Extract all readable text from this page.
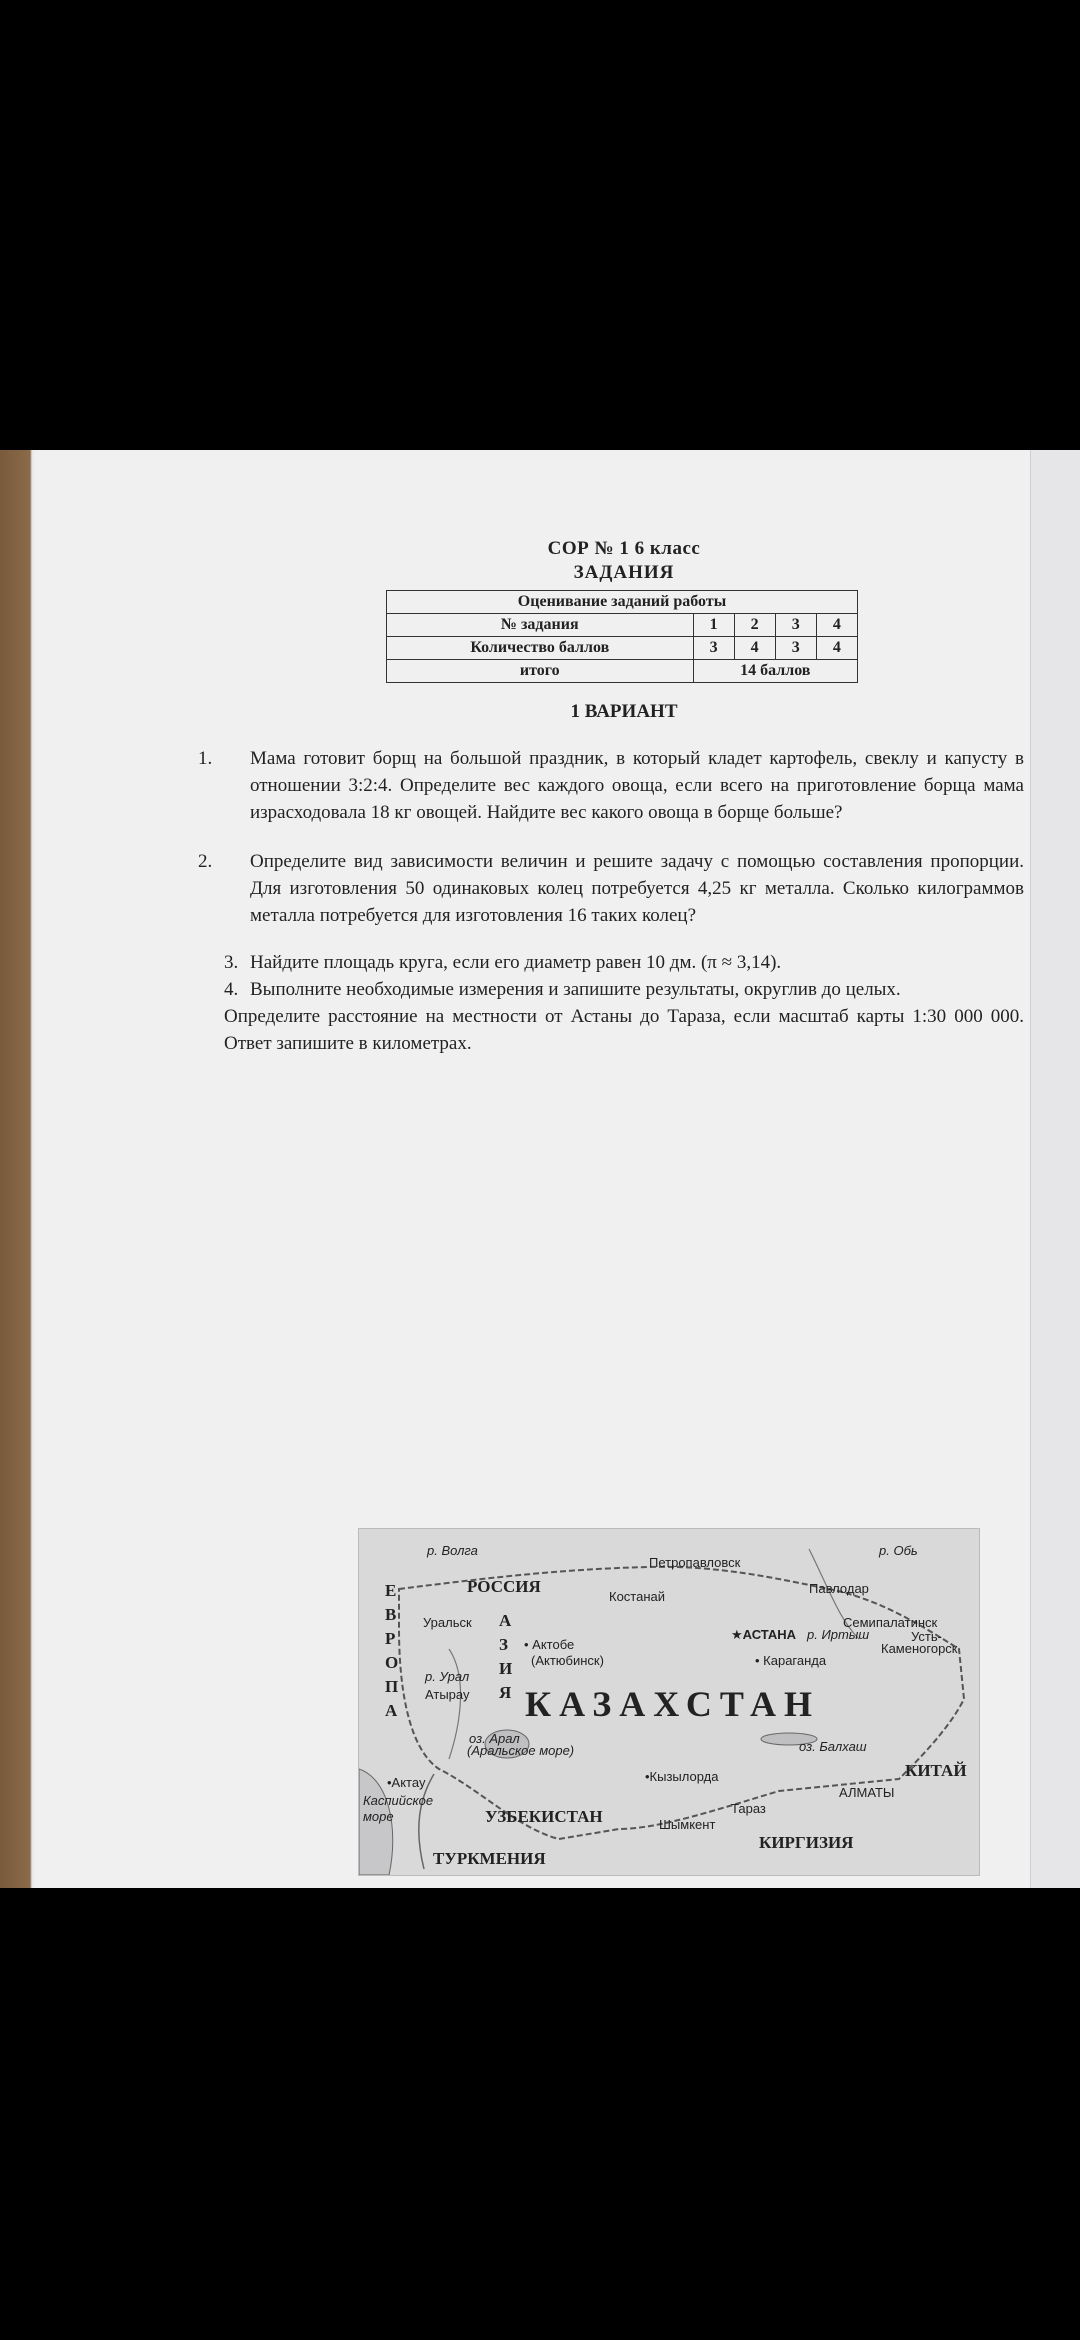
СОР № 1 6 класс
ЗАДАНИЯ
Оценивание заданий работы				
№ задания	1	2	3	4
Количество баллов	3	4	3	4
итого	14 баллов			
1 ВАРИАНТ
1. Мама готовит борщ на большой праздник, в который кладет картофель, свеклу и капусту в отношении 3:2:4. Определите вес каждого овоща, если всего на приготовление борща мама израсходовала 18 кг овощей. Найдите вес какого овоща в борще больше?
2. Определите вид зависимости величин и решите задачу с помощью составления пропорции. Для изготовления 50 одинаковых колец потребуется 4,25 кг металла. Сколько килограммов металла потребуется для изготовления 16 таких колец?
3. Найдите площадь круга, если его диаметр равен 10 дм. (π ≈ 3,14).
4. Выполните необходимые измерения и запишите результаты, округлив до целых.
Определите расстояние на местности от Астаны до Тараза, если масштаб карты 1:30 000 000. Ответ запишите в километрах.
р. Волга
Петропавловск
р. Обь
РОССИЯ
Костанай
Павлодар
Уральск
• Актобе
(Актюбинск)
★АСТАНА р. Иртыш
Семипалатинск
Усть-
Каменогорск
• Караганда
р. Урал
Атырау КАЗАХСТАН
оз. Арал
(Аральское море)	оз. Балхаш
КИТАЙ
•Актау	•Кызылорда
АЛМАТЫ
Каспийское
море
Тараз
УЗБЕКИСТАН	Шымкент
КИРГИЗИЯ
ТУРКМЕНИЯ
Е
В
Р
О
П
А
А
З
И
Я
